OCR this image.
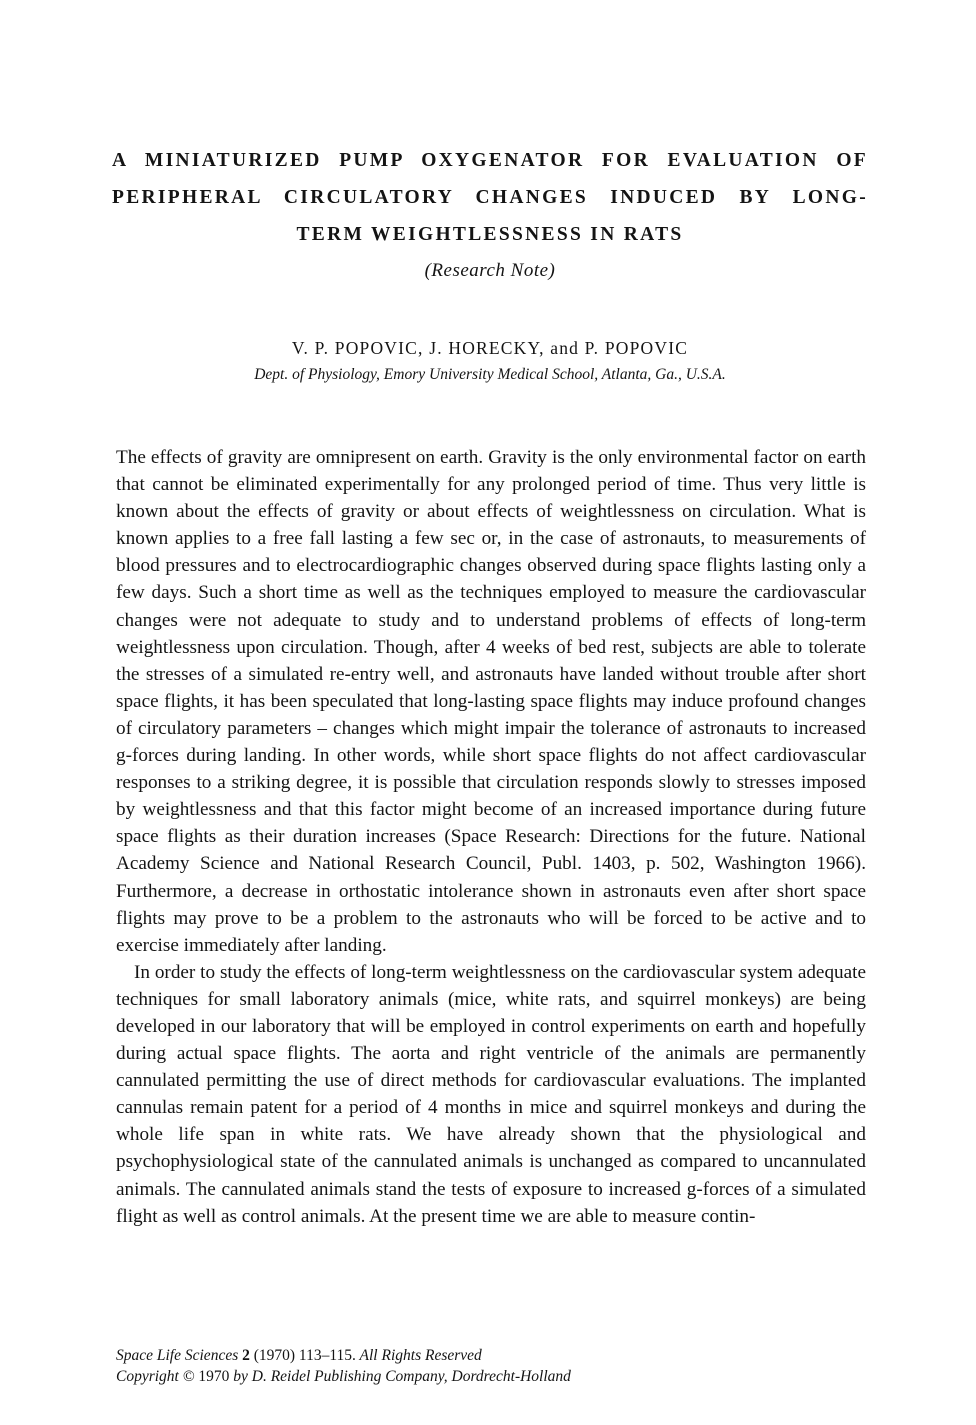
A MINIATURIZED PUMP OXYGENATOR FOR EVALUATION OF
PERIPHERAL CIRCULATORY CHANGES INDUCED BY LONG-
TERM WEIGHTLESSNESS IN RATS
(Research Note)
V. P. POPOVIC, J. HORECKY, and P. POPOVIC
Dept. of Physiology, Emory University Medical School, Atlanta, Ga., U.S.A.

The effects of gravity are omnipresent on earth. Gravity is the only environmental factor on earth that cannot be eliminated experimentally for any prolonged period of time. Thus very little is known about the effects of gravity or about effects of weightlessness on circulation. What is known applies to a free fall lasting a few sec or, in the case of astronauts, to measurements of blood pressures and to electrocardiographic changes observed during space flights lasting only a few days. Such a short time as well as the techniques employed to measure the cardiovascular changes were not adequate to study and to understand problems of effects of long-term weightlessness upon circulation. Though, after 4 weeks of bed rest, subjects are able to tolerate the stresses of a simulated re-entry well, and astronauts have landed without trouble after short space flights, it has been speculated that long-lasting space flights may induce profound changes of circulatory parameters – changes which might impair the tolerance of astronauts to increased g-forces during landing. In other words, while short space flights do not affect cardiovascular responses to a striking degree, it is possible that circulation responds slowly to stresses imposed by weightlessness and that this factor might become of an increased importance during future space flights as their duration increases (Space Research: Directions for the future. National Academy Science and National Research Council, Publ. 1403, p. 502, Washington 1966). Furthermore, a decrease in orthostatic intolerance shown in astronauts even after short space flights may prove to be a problem to the astronauts who will be forced to be active and to exercise immediately after landing.

In order to study the effects of long-term weightlessness on the cardiovascular system adequate techniques for small laboratory animals (mice, white rats, and squirrel monkeys) are being developed in our laboratory that will be employed in control experiments on earth and hopefully during actual space flights. The aorta and right ventricle of the animals are permanently cannulated permitting the use of direct methods for cardiovascular evaluations. The implanted cannulas remain patent for a period of 4 months in mice and squirrel monkeys and during the whole life span in white rats. We have already shown that the physiological and psychophysiological state of the cannulated animals is unchanged as compared to uncannulated animals. The cannulated animals stand the tests of exposure to increased g-forces of a simulated flight as well as control animals. At the present time we are able to measure contin-

Space Life Sciences 2 (1970) 113–115. All Rights Reserved
Copyright © 1970 by D. Reidel Publishing Company, Dordrecht-Holland
